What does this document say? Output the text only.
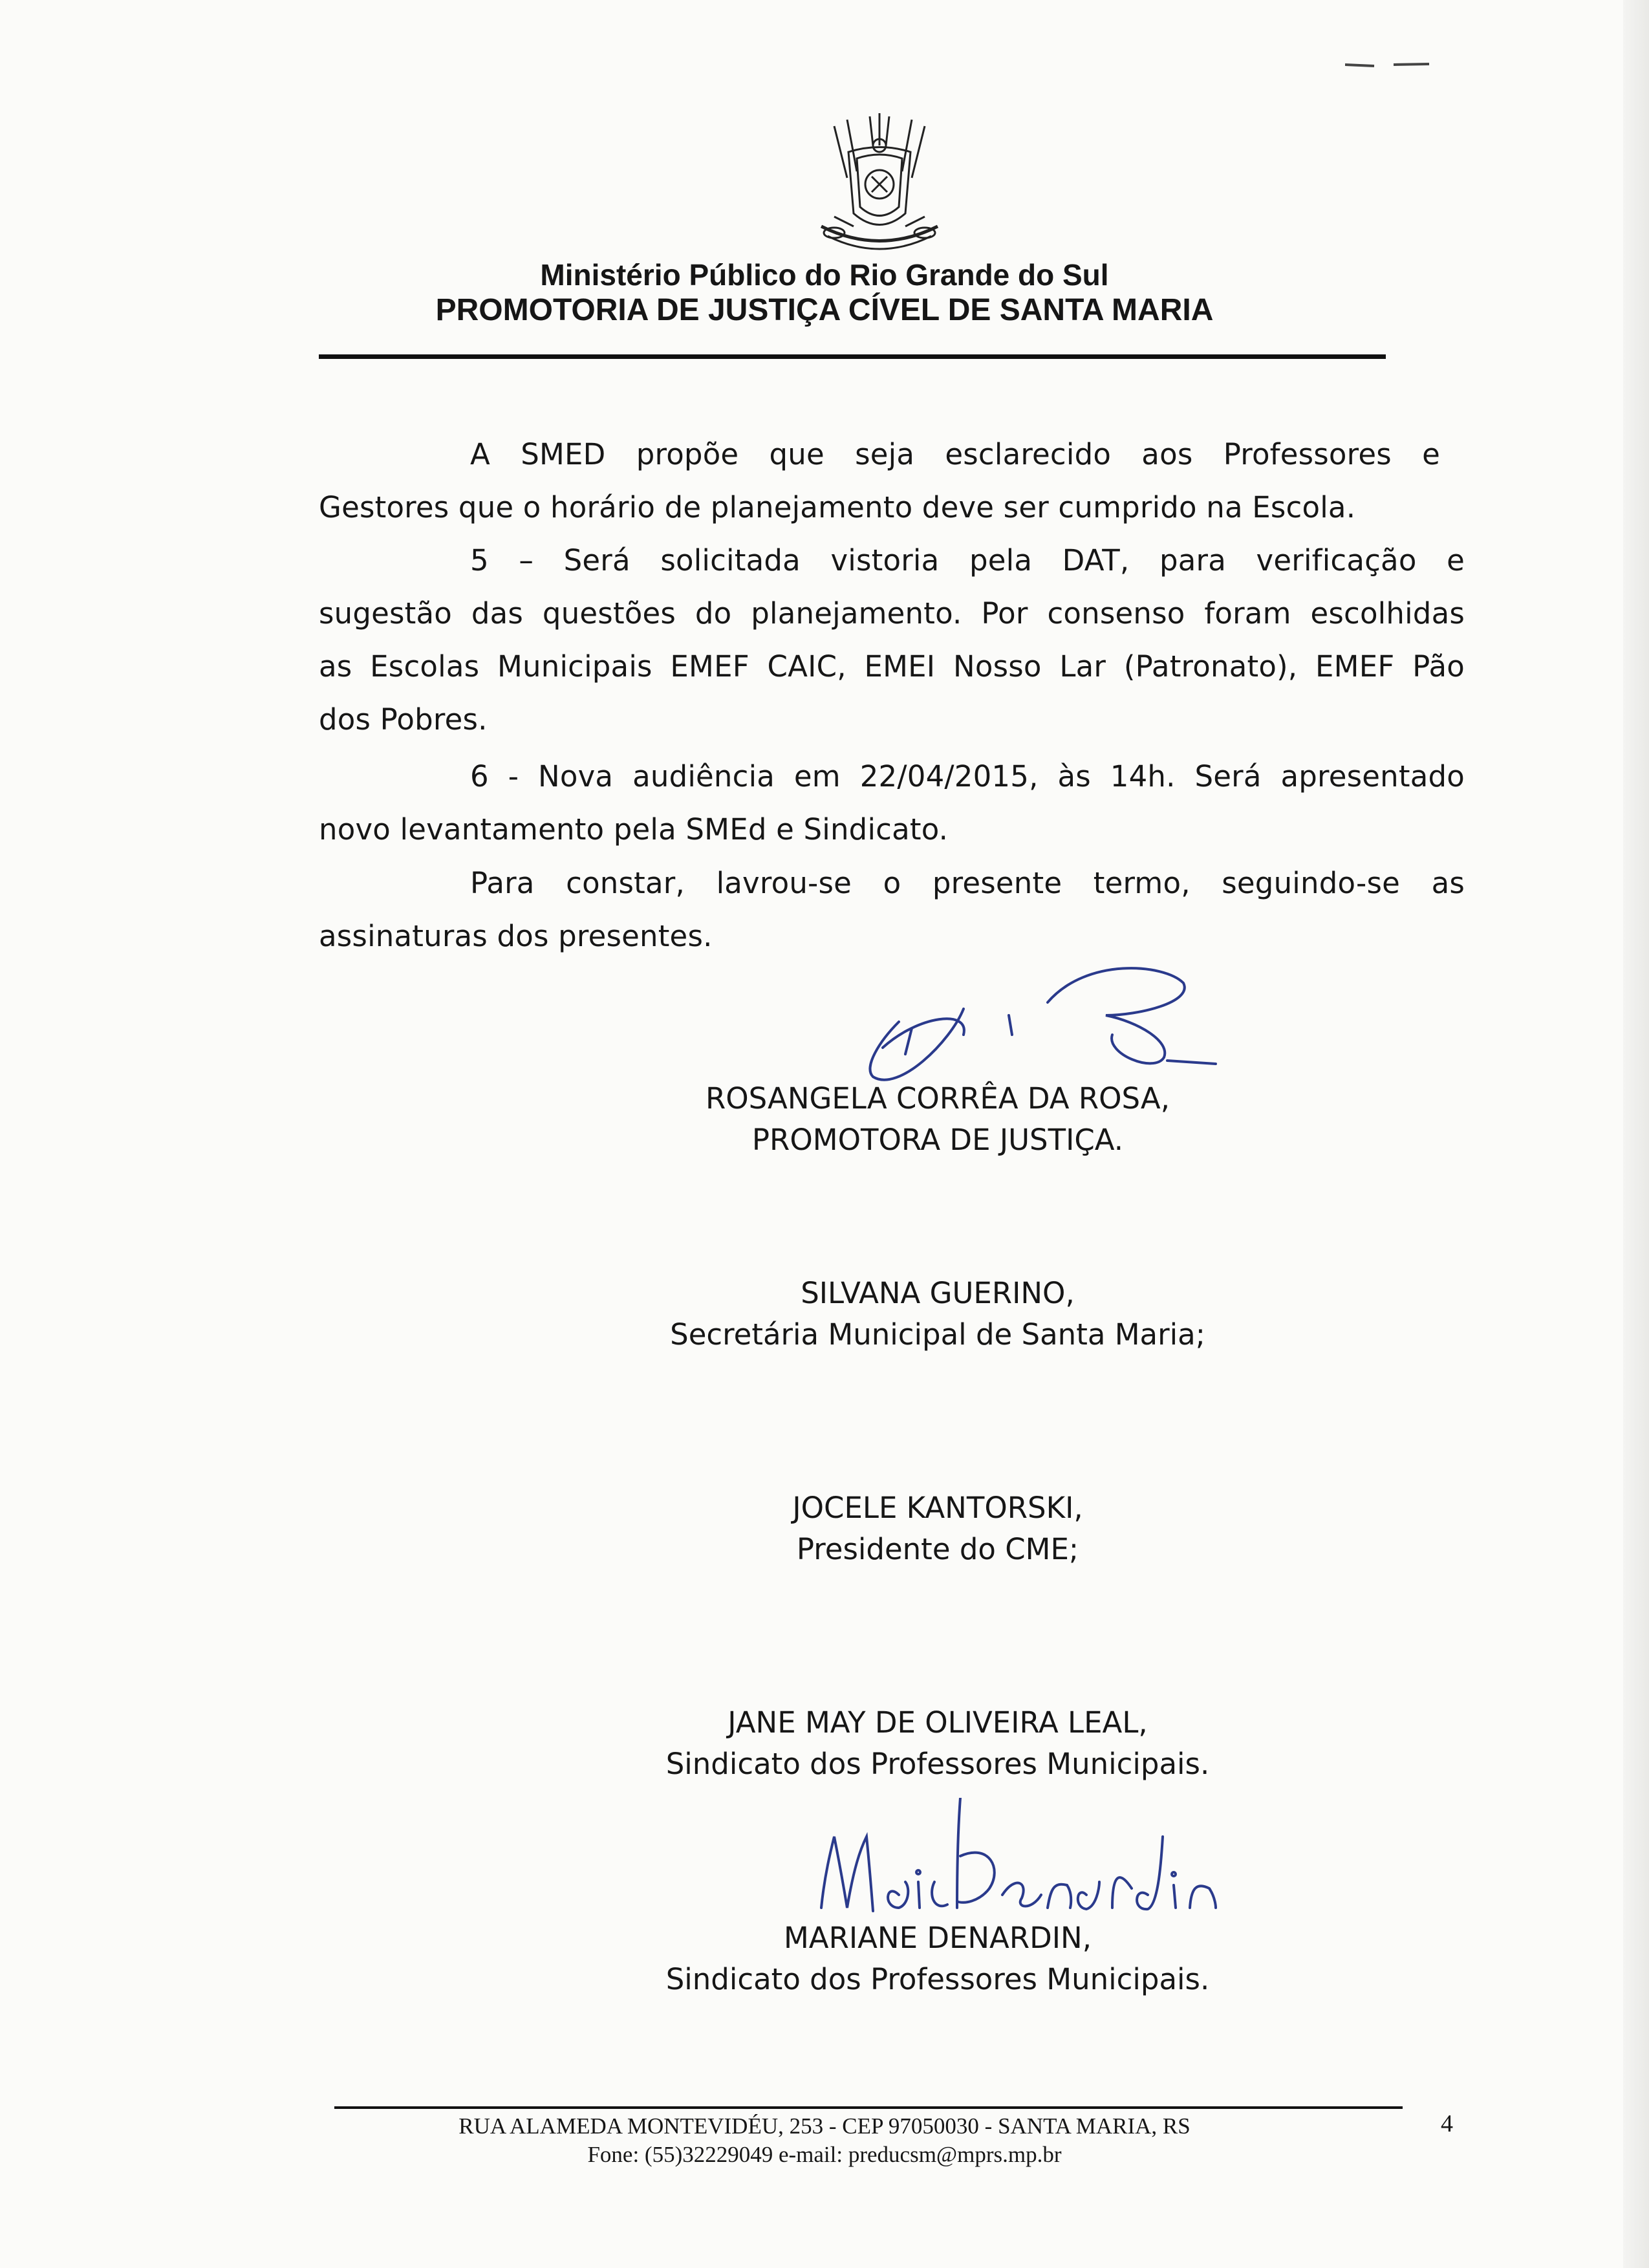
Ministério Público do Rio Grande do Sul
PROMOTORIA DE JUSTIÇA CÍVEL DE SANTA MARIA
A SMED propõe que seja esclarecido aos Professores e
Gestores que o horário de planejamento deve ser cumprido na Escola.
5 – Será solicitada vistoria pela DAT, para verificação e
sugestão das questões do planejamento. Por consenso foram escolhidas
as Escolas Municipais EMEF CAIC, EMEI Nosso Lar (Patronato), EMEF Pão
dos Pobres.
6 - Nova audiência em 22/04/2015, às 14h. Será apresentado
novo levantamento pela SMEd e Sindicato.
Para constar, lavrou-se o presente termo, seguindo-se as
assinaturas dos presentes.
ROSANGELA CORRÊA DA ROSA,
PROMOTORA DE JUSTIÇA.
SILVANA GUERINO,
Secretária Municipal de Santa Maria;
JOCELE KANTORSKI,
Presidente do CME;
JANE MAY DE OLIVEIRA LEAL,
Sindicato dos Professores Municipais.
MARIANE DENARDIN,
Sindicato dos Professores Municipais.
RUA ALAMEDA MONTEVIDÉU, 253 - CEP 97050030 - SANTA MARIA, RS
Fone: (55)32229049 e-mail: preducsm@mprs.mp.br
4
